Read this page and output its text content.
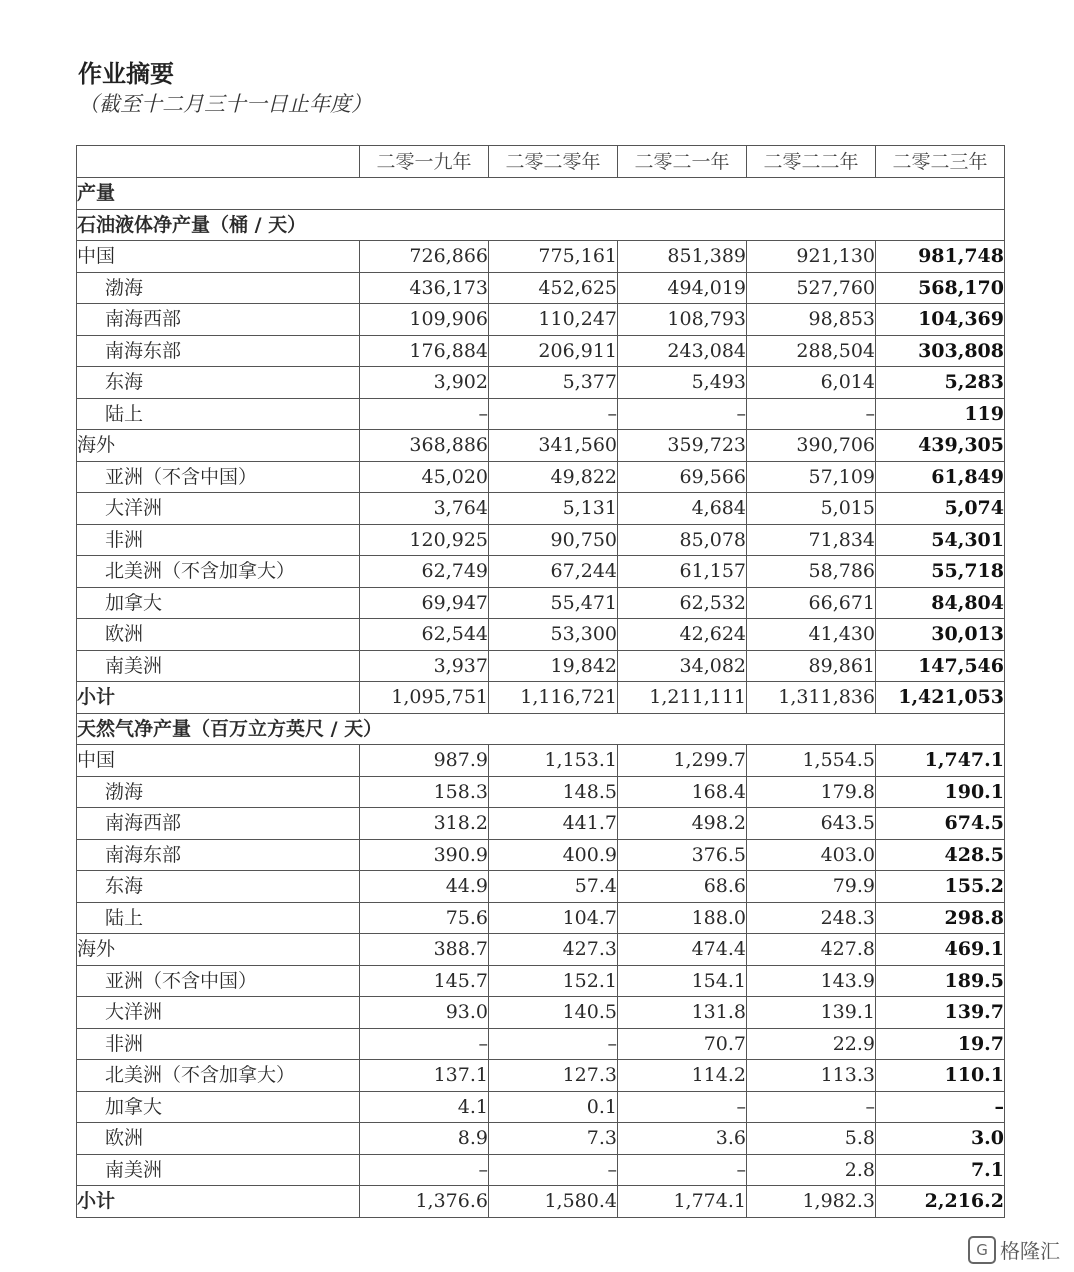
作业摘要
（截至十二月三十一日止年度）
	二零一九年	二零二零年	二零二一年	二零二二年	二零二三年
产量					
石油液体净产量（桶 / 天）					
中国	726,866	775,161	851,389	921,130	981,748
渤海	436,173	452,625	494,019	527,760	568,170
南海西部	109,906	110,247	108,793	98,853	104,369
南海东部	176,884	206,911	243,084	288,504	303,808
东海	3,902	5,377	5,493	6,014	5,283
陆上	–	–	–	–	119
海外	368,886	341,560	359,723	390,706	439,305
亚洲（不含中国）	45,020	49,822	69,566	57,109	61,849
大洋洲	3,764	5,131	4,684	5,015	5,074
非洲	120,925	90,750	85,078	71,834	54,301
北美洲（不含加拿大）	62,749	67,244	61,157	58,786	55,718
加拿大	69,947	55,471	62,532	66,671	84,804
欧洲	62,544	53,300	42,624	41,430	30,013
南美洲	3,937	19,842	34,082	89,861	147,546
小计	1,095,751	1,116,721	1,211,111	1,311,836	1,421,053
天然气净产量（百万立方英尺 / 天）					
中国	987.9	1,153.1	1,299.7	1,554.5	1,747.1
渤海	158.3	148.5	168.4	179.8	190.1
南海西部	318.2	441.7	498.2	643.5	674.5
南海东部	390.9	400.9	376.5	403.0	428.5
东海	44.9	57.4	68.6	79.9	155.2
陆上	75.6	104.7	188.0	248.3	298.8
海外	388.7	427.3	474.4	427.8	469.1
亚洲（不含中国）	145.7	152.1	154.1	143.9	189.5
大洋洲	93.0	140.5	131.8	139.1	139.7
非洲	–	–	70.7	22.9	19.7
北美洲（不含加拿大）	137.1	127.3	114.2	113.3	110.1
加拿大	4.1	0.1	–	–	–
欧洲	8.9	7.3	3.6	5.8	3.0
南美洲	–	–	–	2.8	7.1
小计	1,376.6	1,580.4	1,774.1	1,982.3	2,216.2
G 格隆汇
